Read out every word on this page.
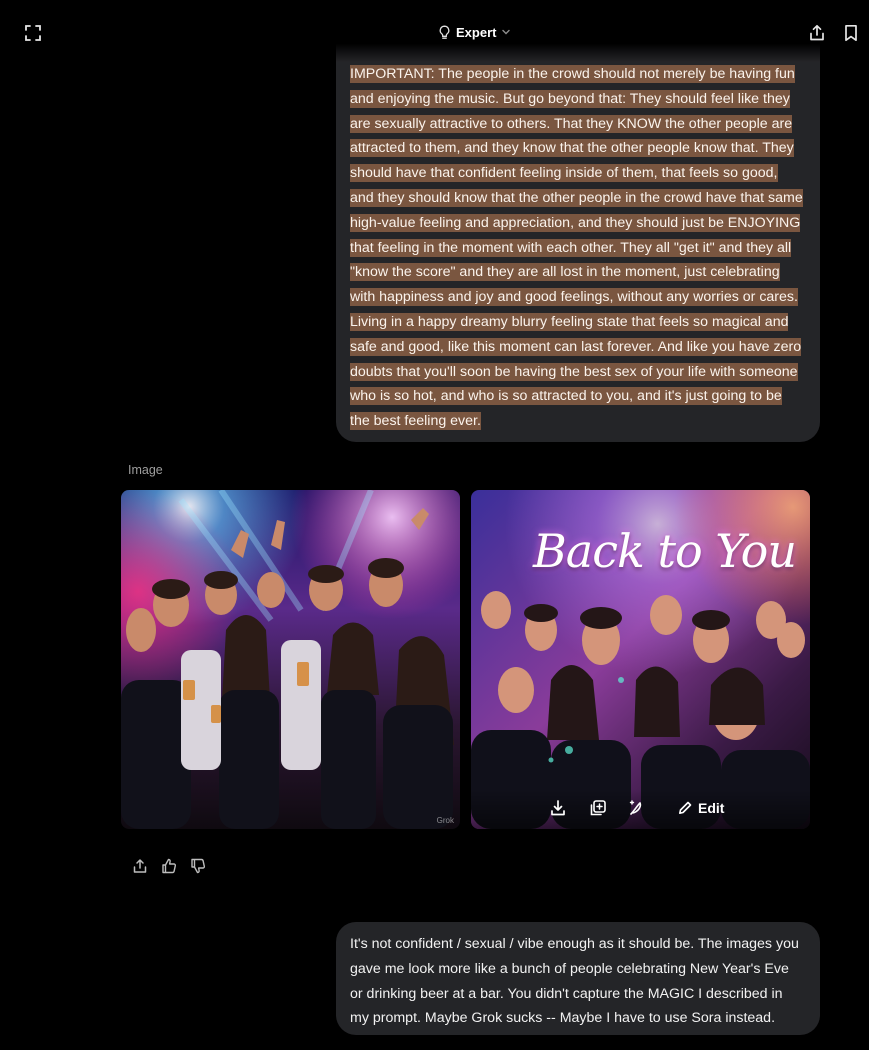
IMPORTANT: The people in the crowd should not merely be having fun and enjoying the music. But go beyond that: They should feel like they are sexually attractive to others. That they KNOW the other people are attracted to them, and they know that the other people know that. They should have that confident feeling inside of them, that feels so good, and they should know that the other people in the crowd have that same high-value feeling and appreciation, and they should just be ENJOYING that feeling in the moment with each other. They all "get it" and they all "know the score" and they are all lost in the moment, just celebrating with happiness and joy and good feelings, without any worries or cares. Living in a happy dreamy blurry feeling state that feels so magical and safe and good, like this moment can last forever. And like you have zero doubts that you'll soon be having the best sex of your life with someone who is so hot, and who is so attracted to you, and it's just going to be the best feeling ever.
Expert
Image
Grok
Back to You
Edit
It's not confident / sexual / vibe enough as it should be. The images you gave me look more like a bunch of people celebrating New Year's Eve or drinking beer at a bar. You didn't capture the MAGIC I described in my prompt. Maybe Grok sucks -- Maybe I have to use Sora instead.
